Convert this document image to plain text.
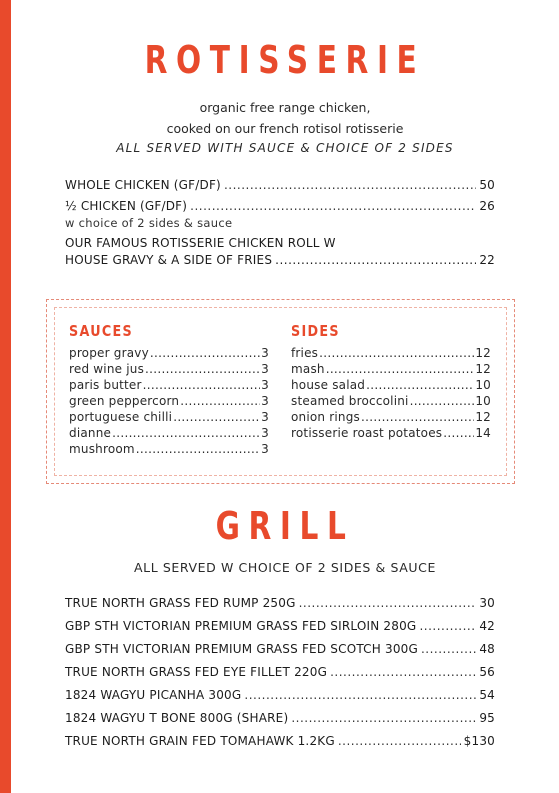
ROTISSERIE
organic free range chicken,
cooked on our french rotisol rotisserie
ALL SERVED WITH SAUCE & CHOICE OF 2 SIDES
WHOLE CHICKEN (GF/DF) .....	50
½ CHICKEN (GF/DF) .....	26
w choice of 2 sides & sauce
OUR FAMOUS ROTISSERIE CHICKEN ROLL W
HOUSE GRAVY & A SIDE OF FRIES .....	22
SAUCES
proper gravy .....	3
red wine jus .....	3
paris butter .....	3
green peppercorn .....	3
portuguese chilli .....	3
dianne .....	3
mushroom .....	3
SIDES
fries .....	12
mash .....	12
house salad .....	10
steamed broccolini .....	10
onion rings .....	12
rotisserie roast potatoes .....	14
GRILL
ALL SERVED W CHOICE OF 2 SIDES & SAUCE
TRUE NORTH GRASS FED RUMP 250G .....	30
GBP STH VICTORIAN PREMIUM GRASS FED SIRLOIN 280G .....	42
GBP STH VICTORIAN PREMIUM GRASS FED SCOTCH 300G .....	48
TRUE NORTH GRASS FED EYE FILLET 220G .....	56
1824 WAGYU PICANHA 300G .....	54
1824 WAGYU T BONE 800G (SHARE) .....	95
TRUE NORTH GRAIN FED TOMAHAWK 1.2KG .....	$130
